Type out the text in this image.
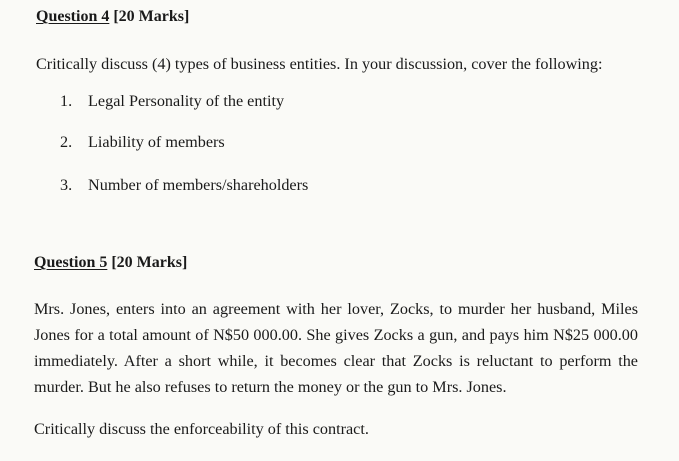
Question 4 [20 Marks]
Critically discuss (4) types of business entities. In your discussion, cover the following:
1. Legal Personality of the entity
2. Liability of members
3. Number of members/shareholders
Question 5 [20 Marks]
Mrs. Jones, enters into an agreement with her lover, Zocks, to murder her husband, Miles
Jones for a total amount of N$50 000.00. She gives Zocks a gun, and pays him N$25 000.00
immediately. After a short while, it becomes clear that Zocks is reluctant to perform the
murder. But he also refuses to return the money or the gun to Mrs. Jones.
Critically discuss the enforceability of this contract.
